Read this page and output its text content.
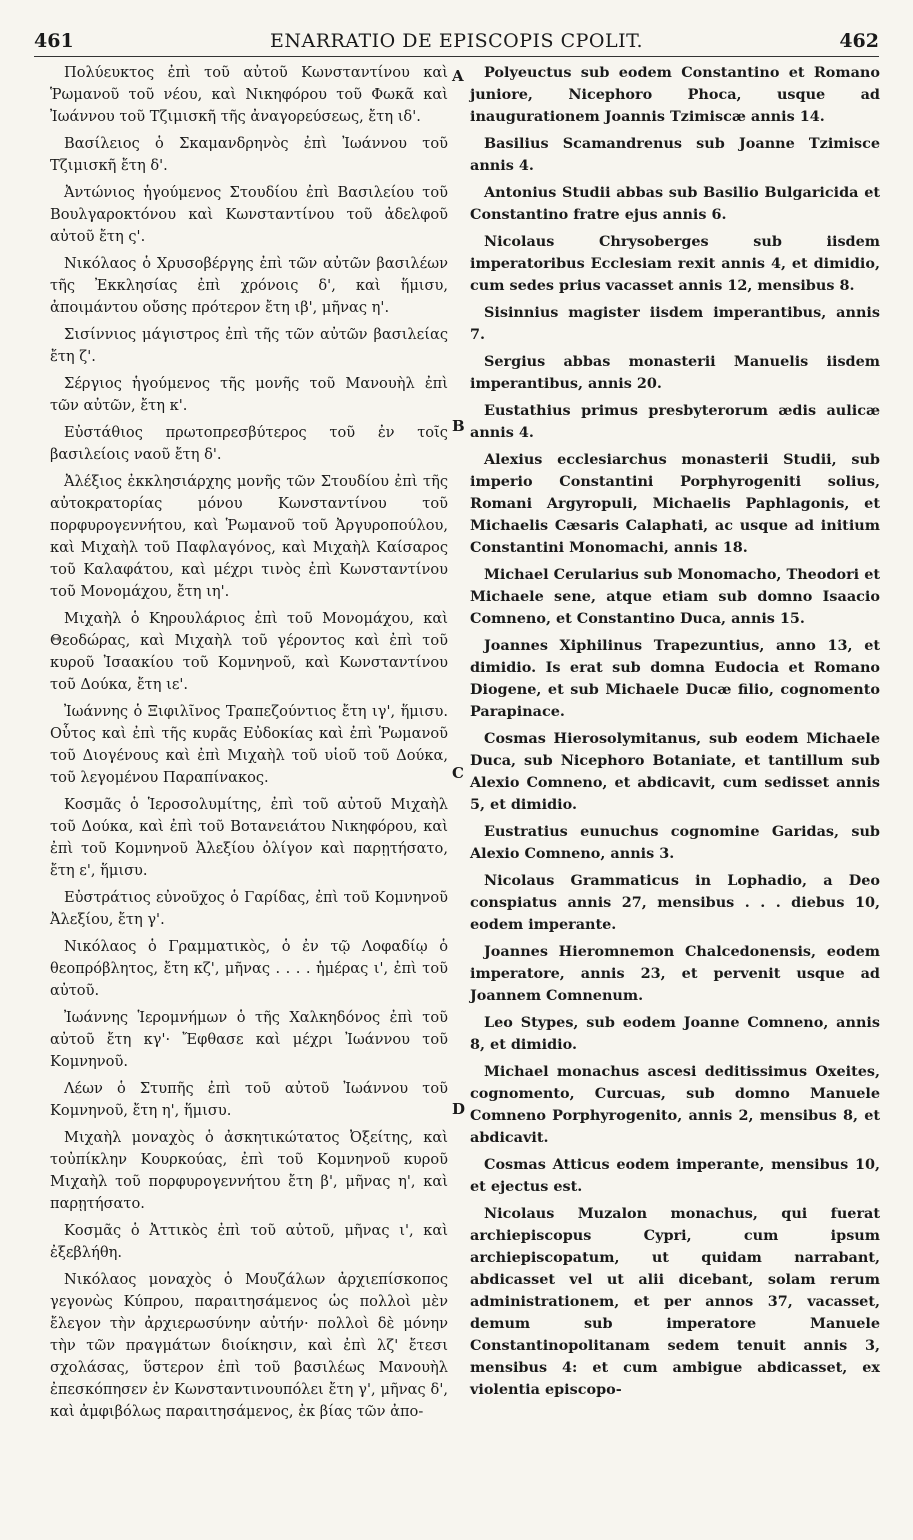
461	ENARRATIO DE EPISCOPIS CPOLIT.	462
A
B
C
D

Πολύευκτος ἐπὶ τοῦ αὐτοῦ Κωνσταντίνου καὶ Ῥωμανοῦ τοῦ νέου, καὶ Νικηφόρου τοῦ Φωκᾶ καὶ Ἰωάννου τοῦ Τζιμισκῆ τῆς ἀναγορεύσεως, ἔτη ιδ'.

Βασίλειος ὁ Σκαμανδρηνὸς ἐπὶ Ἰωάννου τοῦ Τζιμισκῆ ἔτη δ'.

Ἀντώνιος ἡγούμενος Στουδίου ἐπὶ Βασιλείου τοῦ Βουλγαροκτόνου καὶ Κωνσταντίνου τοῦ ἀδελφοῦ αὐτοῦ ἔτη ς'.

Νικόλαος ὁ Χρυσοβέργης ἐπὶ τῶν αὐτῶν βασιλέων τῆς Ἐκκλησίας ἐπὶ χρόνοις δ', καὶ ἥμισυ, ἀποιμάντου οὔσης πρότερον ἔτη ιβ', μῆνας η'.

Σισίννιος μάγιστρος ἐπὶ τῆς τῶν αὐτῶν βασιλείας ἔτη ζ'.

Σέργιος ἡγούμενος τῆς μονῆς τοῦ Μανουὴλ ἐπὶ τῶν αὐτῶν, ἔτη κ'.

Εὐστάθιος πρωτοπρεσβύτερος τοῦ ἐν τοῖς βασιλείοις ναοῦ ἔτη δ'.

Ἀλέξιος ἐκκλησιάρχης μονῆς τῶν Στουδίου ἐπὶ τῆς αὐτοκρατορίας μόνου Κωνσταντίνου τοῦ πορφυρογεννήτου, καὶ Ῥωμανοῦ τοῦ Ἀργυροπούλου, καὶ Μιχαὴλ τοῦ Παφλαγόνος, καὶ Μιχαὴλ Καίσαρος τοῦ Καλαφάτου, καὶ μέχρι τινὸς ἐπὶ Κωνσταντίνου τοῦ Μονομάχου, ἔτη ιη'.

Μιχαὴλ ὁ Κηρουλάριος ἐπὶ τοῦ Μονομάχου, καὶ Θεοδώρας, καὶ Μιχαὴλ τοῦ γέροντος καὶ ἐπὶ τοῦ κυροῦ Ἰσαακίου τοῦ Κομνηνοῦ, καὶ Κωνσταντίνου τοῦ Δούκα, ἔτη ιε'.

Ἰωάννης ὁ Ξιφιλῖνος Τραπεζούντιος ἔτη ιγ', ἥμισυ. Οὗτος καὶ ἐπὶ τῆς κυρᾶς Εὐδοκίας καὶ ἐπὶ Ῥωμανοῦ τοῦ Διογένους καὶ ἐπὶ Μιχαὴλ τοῦ υἱοῦ τοῦ Δούκα, τοῦ λεγομένου Παραπίνακος.

Κοσμᾶς ὁ Ἱεροσολυμίτης, ἐπὶ τοῦ αὐτοῦ Μιχαὴλ τοῦ Δούκα, καὶ ἐπὶ τοῦ Βοτανειάτου Νικηφόρου, καὶ ἐπὶ τοῦ Κομνηνοῦ Ἀλεξίου ὀλίγον καὶ παρῃτήσατο, ἔτη ε', ἥμισυ.

Εὐστράτιος εὐνοῦχος ὁ Γαρίδας, ἐπὶ τοῦ Κομνηνοῦ Ἀλεξίου, ἔτη γ'.

Νικόλαος ὁ Γραμματικὸς, ὁ ἐν τῷ Λοφαδίῳ ὁ θεοπρόβλητος, ἔτη κζ', μῆνας . . . . ἡμέρας ι', ἐπὶ τοῦ αὐτοῦ.

Ἰωάννης Ἱερομνήμων ὁ τῆς Χαλκηδόνος ἐπὶ τοῦ αὐτοῦ ἔτη κγ'· Ἔφθασε καὶ μέχρι Ἰωάννου τοῦ Κομνηνοῦ.

Λέων ὁ Στυπῆς ἐπὶ τοῦ αὐτοῦ Ἰωάννου τοῦ Κομνηνοῦ, ἔτη η', ἥμισυ.

Μιχαὴλ μοναχὸς ὁ ἀσκητικώτατος Ὀξείτης, καὶ τοὐπίκλην Κουρκούας, ἐπὶ τοῦ Κομνηνοῦ κυροῦ Μιχαὴλ τοῦ πορφυρογεννήτου ἔτη β', μῆνας η', καὶ παρῃτήσατο.

Κοσμᾶς ὁ Ἀττικὸς ἐπὶ τοῦ αὐτοῦ, μῆνας ι', καὶ ἐξεβλήθη.

Νικόλαος μοναχὸς ὁ Μουζάλων ἀρχιεπίσκοπος γεγονὼς Κύπρου, παραιτησάμενος ὡς πολλοὶ μὲν ἔλεγον τὴν ἀρχιερωσύνην αὐτήν· πολλοὶ δὲ μόνην τὴν τῶν πραγμάτων διοίκησιν, καὶ ἐπὶ λζ' ἔτεσι σχολάσας, ὕστερον ἐπὶ τοῦ βασιλέως Μανουὴλ ἐπεσκόπησεν ἐν Κωνσταντινουπόλει ἔτη γ', μῆνας δ', καὶ ἀμφιβόλως παραιτησάμενος, ἐκ βίας τῶν ἀπο-

Polyeuctus sub eodem Constantino et Romano juniore, Nicephoro Phoca, usque ad inaugurationem Joannis Tzimiscæ annis 14.

Basilius Scamandrenus sub Joanne Tzimisce annis 4.

Antonius Studii abbas sub Basilio Bulgaricida et Constantino fratre ejus annis 6.

Nicolaus Chrysoberges sub iisdem imperatoribus Ecclesiam rexit annis 4, et dimidio, cum sedes prius vacasset annis 12, mensibus 8.

Sisinnius magister iisdem imperantibus, annis 7.

Sergius abbas monasterii Manuelis iisdem imperantibus, annis 20.

Eustathius primus presbyterorum ædis aulicæ annis 4.

Alexius ecclesiarchus monasterii Studii, sub imperio Constantini Porphyrogeniti solius, Romani Argyropuli, Michaelis Paphlagonis, et Michaelis Cæsaris Calaphati, ac usque ad initium Constantini Monomachi, annis 18.

Michael Cerularius sub Monomacho, Theodori et Michaele sene, atque etiam sub domno Isaacio Comneno, et Constantino Duca, annis 15.

Joannes Xiphilinus Trapezuntius, anno 13, et dimidio. Is erat sub domna Eudocia et Romano Diogene, et sub Michaele Ducæ filio, cognomento Parapinace.

Cosmas Hierosolymitanus, sub eodem Michaele Duca, sub Nicephoro Botaniate, et tantillum sub Alexio Comneno, et abdicavit, cum sedisset annis 5, et dimidio.

Eustratius eunuchus cognomine Garidas, sub Alexio Comneno, annis 3.

Nicolaus Grammaticus in Lophadio, a Deo conspiatus annis 27, mensibus . . . diebus 10, eodem imperante.

Joannes Hieromnemon Chalcedonensis, eodem imperatore, annis 23, et pervenit usque ad Joannem Comnenum.

Leo Stypes, sub eodem Joanne Comneno, annis 8, et dimidio.

Michael monachus ascesi deditissimus Oxeites, cognomento, Curcuas, sub domno Manuele Comneno Porphyrogenito, annis 2, mensibus 8, et abdicavit.

Cosmas Atticus eodem imperante, mensibus 10, et ejectus est.

Nicolaus Muzalon monachus, qui fuerat archiepiscopus Cypri, cum ipsum archiepiscopatum, ut quidam narrabant, abdicasset vel ut alii dicebant, solam rerum administrationem, et per annos 37, vacasset, demum sub imperatore Manuele Constantinopolitanam sedem tenuit annis 3, mensibus 4: et cum ambigue abdicasset, ex violentia episcopo-
